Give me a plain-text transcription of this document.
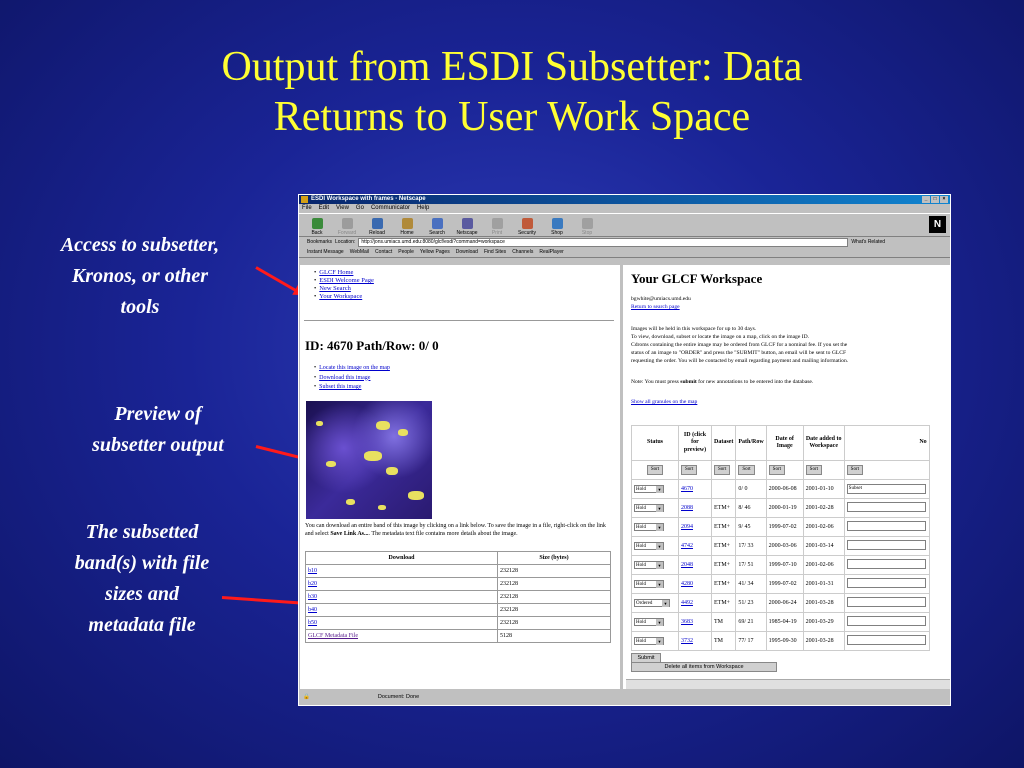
Output from ESDI Subsetter: Data
Returns to User Work Space
Access to subsetter,
Kronos, or other
tools
Preview of
subsetter output
The subsetted
band(s) with file
sizes and
metadata file
ESDI Workspace with frames - Netscape	_	□	×
File Edit View Go Communicator Help
Back	Forward	Reload	Home	Search Netscape	Print	Security	Shop	Stop
N
Bookmarks Location:	http://jons.umiacs.umd.edu:8080/glcf/esdi?command=workspace	What's Related
Instant Message WebMail Contact People Yellow Pages Download Find Sites Channels RealPlayer
• GLCF Home
• ESDI Welcome Page
• New Search
• Your Workspace
ID: 4670 Path/Row: 0/ 0
• Locate this image on the map
• Download this image
• Subset this image
You can download an entire band of this image by clicking on a link below. To save the image in a file, right-click on the link and select Save Link As.... The metadata text file contains more details about the image.
Download	Size (bytes)
b10	232128
b20	232128
b30	232128
b40	232128
b50	232128
GLCF Metadata File	5128
Your GLCF Workspace
bgwhite@umiacs.umd.edu
Return to search page
Images will be held in this workspace for up to 30 days.
To view, download, subset or locate the image on a map, click on the image ID.
Cdroms containing the entire image may be ordered from GLCF for a nominal fee. If you set the
status of an image to "ORDER" and press the "SUBMIT" button, an email will be sent to GLCF
requesting the order. You will be contacted by email regarding payment and mailing information.
Note: You must press submit for new annotations to be entered into the database.
Show all granules on the map
Status	ID (click for preview)	Dataset	Path/Row	Date of Image	Date added to Workspace	No
Sort	Sort	Sort	Sort	Sort	Sort	Sort
Hold ▼	4670		0/ 0	2000-06-08	2001-01-10	Subset
Hold ▼	2088	ETM+	8/ 46	2000-01-19	2001-02-28	
Hold ▼	2094	ETM+	9/ 45	1999-07-02	2001-02-06	
Hold ▼	4742	ETM+	17/ 33	2000-03-06	2001-03-14	
Hold ▼	2048	ETM+	17/ 51	1999-07-10	2001-02-06	
Hold ▼	4280	ETM+	41/ 34	1999-07-02	2001-01-31	
Ordered ▼	4492	ETM+	51/ 23	2000-06-24	2001-03-28	
Hold ▼	3683	TM	69/ 21	1985-04-19	2001-03-29	
Hold ▼	3732	TM	77/ 17	1995-09-30	2001-03-28	
Submit
Delete all items from Workspace
🔒	Document: Done
